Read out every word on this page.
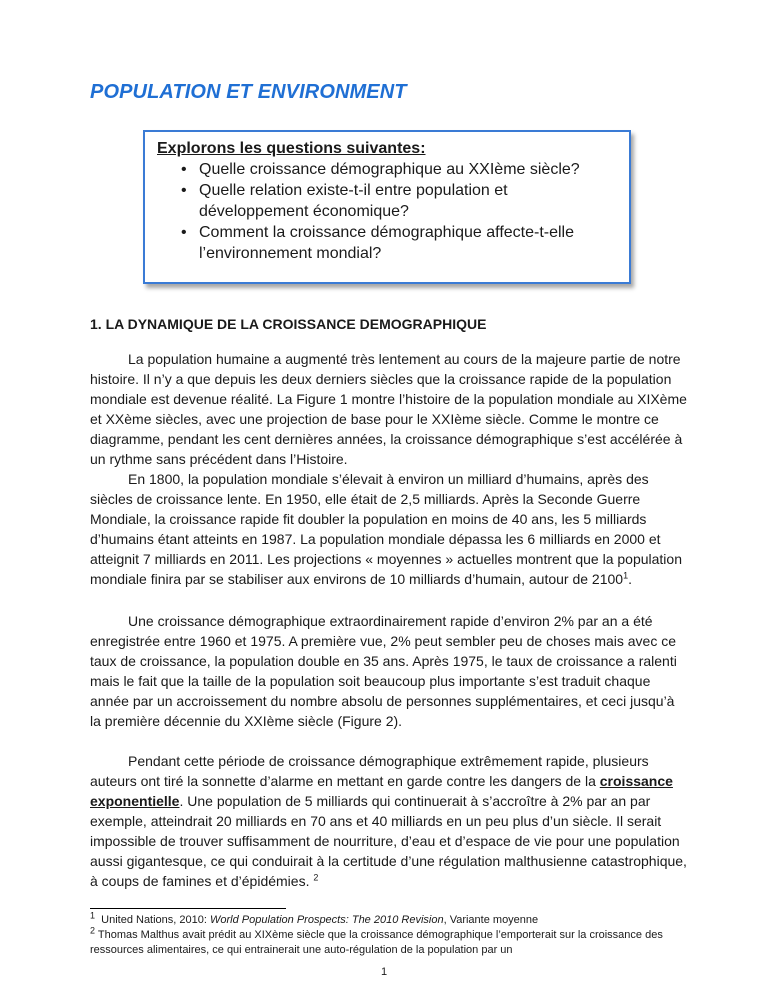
POPULATION ET ENVIRONMENT
Explorons les questions suivantes:
• Quelle croissance démographique au XXIème siècle?
• Quelle relation existe-t-il entre population et développement économique?
• Comment la croissance démographique affecte-t-elle l’environnement mondial?
1. LA DYNAMIQUE DE LA CROISSANCE DEMOGRAPHIQUE

La population humaine a augmenté très lentement au cours de la majeure partie de notre histoire. Il n’y a que depuis les deux derniers siècles que la croissance rapide de la population mondiale est devenue réalité. La Figure 1 montre l’histoire de la population mondiale au XIXème et XXème siècles, avec une projection de base pour le XXIème siècle. Comme le montre ce diagramme, pendant les cent dernières années, la croissance démographique s’est accélérée à un rythme sans précédent dans l’Histoire.

En 1800, la population mondiale s’élevait à environ un milliard d’humains, après des siècles de croissance lente. En 1950, elle était de 2,5 milliards. Après la Seconde Guerre Mondiale, la croissance rapide fit doubler la population en moins de 40 ans, les 5 milliards d’humains étant atteints en 1987. La population mondiale dépassa les 6 milliards en 2000 et atteignit 7 milliards en 2011. Les projections « moyennes » actuelles montrent que la population mondiale finira par se stabiliser aux environs de 10 milliards d’humain, autour de 2100$^1$.

Une croissance démographique extraordinairement rapide d’environ 2% par an a été enregistrée entre 1960 et 1975. A première vue, 2% peut sembler peu de choses mais avec ce taux de croissance, la population double en 35 ans. Après 1975, le taux de croissance a ralenti mais le fait que la taille de la population soit beaucoup plus importante s’est traduit chaque année par un accroissement du nombre absolu de personnes supplémentaires, et ceci jusqu’à la première décennie du XXIème siècle (Figure 2).

Pendant cette période de croissance démographique extrêmement rapide, plusieurs auteurs ont tiré la sonnette d’alarme en mettant en garde contre les dangers de la croissance exponentielle. Une population de 5 milliards qui continuerait à s’accroître à 2% par an par exemple, atteindrait 20 milliards en 70 ans et 40 milliards en un peu plus d’un siècle. Il serait impossible de trouver suffisamment de nourriture, d’eau et d’espace de vie pour une population aussi gigantesque, ce qui conduirait à la certitude d’une régulation malthusienne catastrophique, à coups de famines et d’épidémies. $^2$

$^1$ United Nations, 2010: World Population Prospects: The 2010 Revision, Variante moyenne

$^2$ Thomas Malthus avait prédit au XIXème siècle que la croissance démographique l’emporterait sur la croissance des ressources alimentaires, ce qui entrainerait une auto-régulation de la population par un

1
